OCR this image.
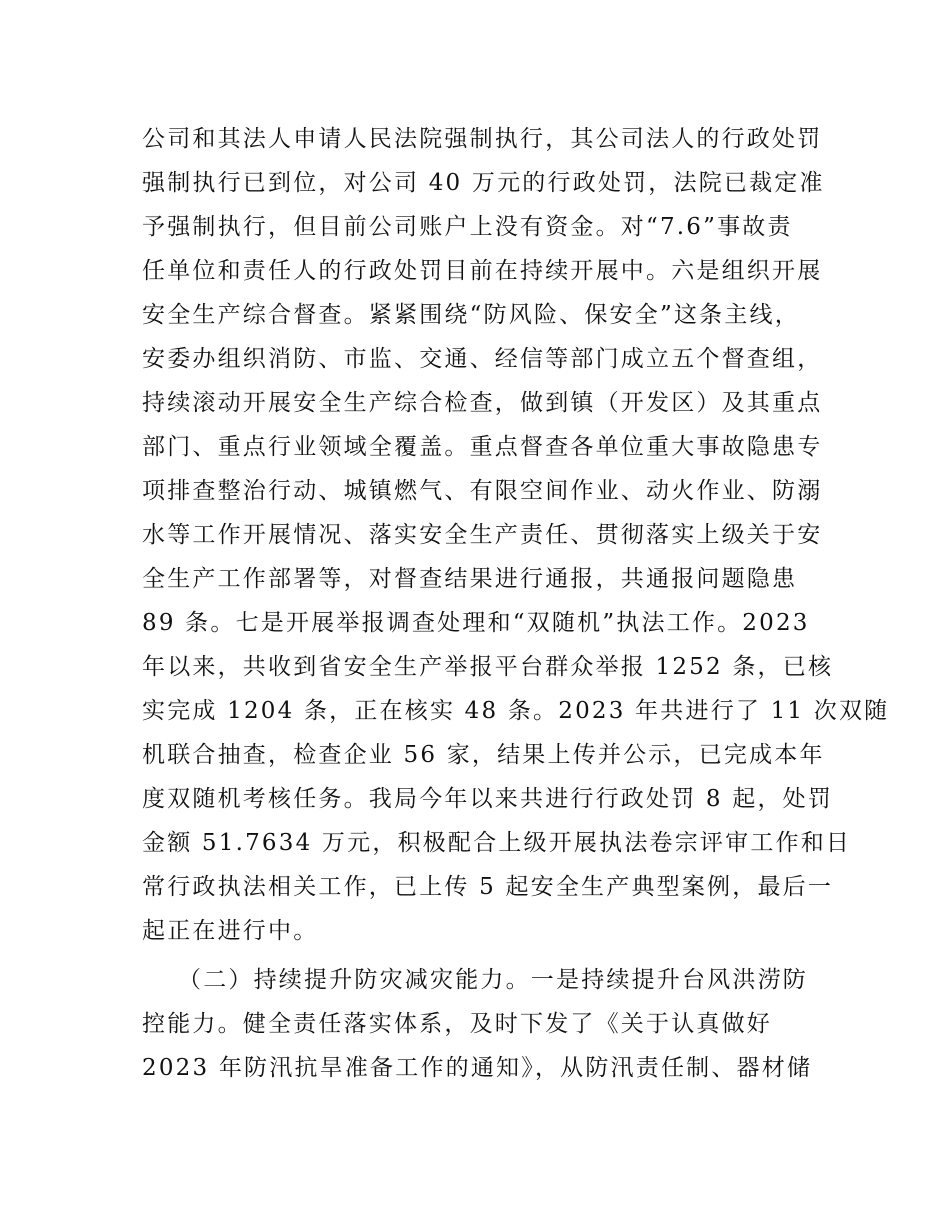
公司和其法人申请人民法院强制执行，其公司法人的行政处罚
强制执行已到位，对公司 40 万元的行政处罚，法院已裁定准
予强制执行，但目前公司账户上没有资金。对“7.6”事故责
任单位和责任人的行政处罚目前在持续开展中。六是组织开展
安全生产综合督查。紧紧围绕“防风险、保安全”这条主线，
安委办组织消防、市监、交通、经信等部门成立五个督查组，
持续滚动开展安全生产综合检查，做到镇（开发区）及其重点
部门、重点行业领域全覆盖。重点督查各单位重大事故隐患专
项排查整治行动、城镇燃气、有限空间作业、动火作业、防溺
水等工作开展情况、落实安全生产责任、贯彻落实上级关于安
全生产工作部署等，对督查结果进行通报，共通报问题隐患
89 条。七是开展举报调查处理和“双随机”执法工作。2023
年以来，共收到省安全生产举报平台群众举报 1252 条，已核
实完成 1204 条，正在核实 48 条。2023 年共进行了 11 次双随
机联合抽查，检查企业 56 家，结果上传并公示，已完成本年
度双随机考核任务。我局今年以来共进行行政处罚 8 起，处罚
金额 51.7634 万元，积极配合上级开展执法卷宗评审工作和日
常行政执法相关工作，已上传 5 起安全生产典型案例，最后一
起正在进行中。
（二）持续提升防灾减灾能力。一是持续提升台风洪涝防
控能力。健全责任落实体系，及时下发了《关于认真做好
2023 年防汛抗旱准备工作的通知》，从防汛责任制、器材储
